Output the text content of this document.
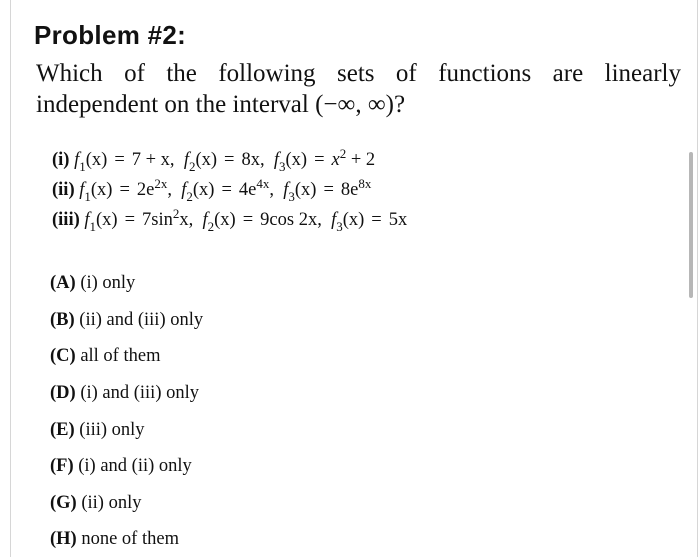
Problem #2:

Which of the following sets of functions are linearly independent on the interval (−∞, ∞)?

(i) $f_1(x) = 7 + x$, $f_2(x) = 8x$, $f_3(x) = x^2 + 2$
(ii) $f_1(x) = 2e^{2x}$, $f_2(x) = 4e^{4x}$, $f_3(x) = 8e^{8x}$
(iii) $f_1(x) = 7\sin^2x$, $f_2(x) = 9\cos$ 2x, $f_3(x) = 5x$
(A) (i) only
(B) (ii) and (iii) only
(C) all of them
(D) (i) and (iii) only
(E) (iii) only
(F) (i) and (ii) only
(G) (ii) only
(H) none of them
